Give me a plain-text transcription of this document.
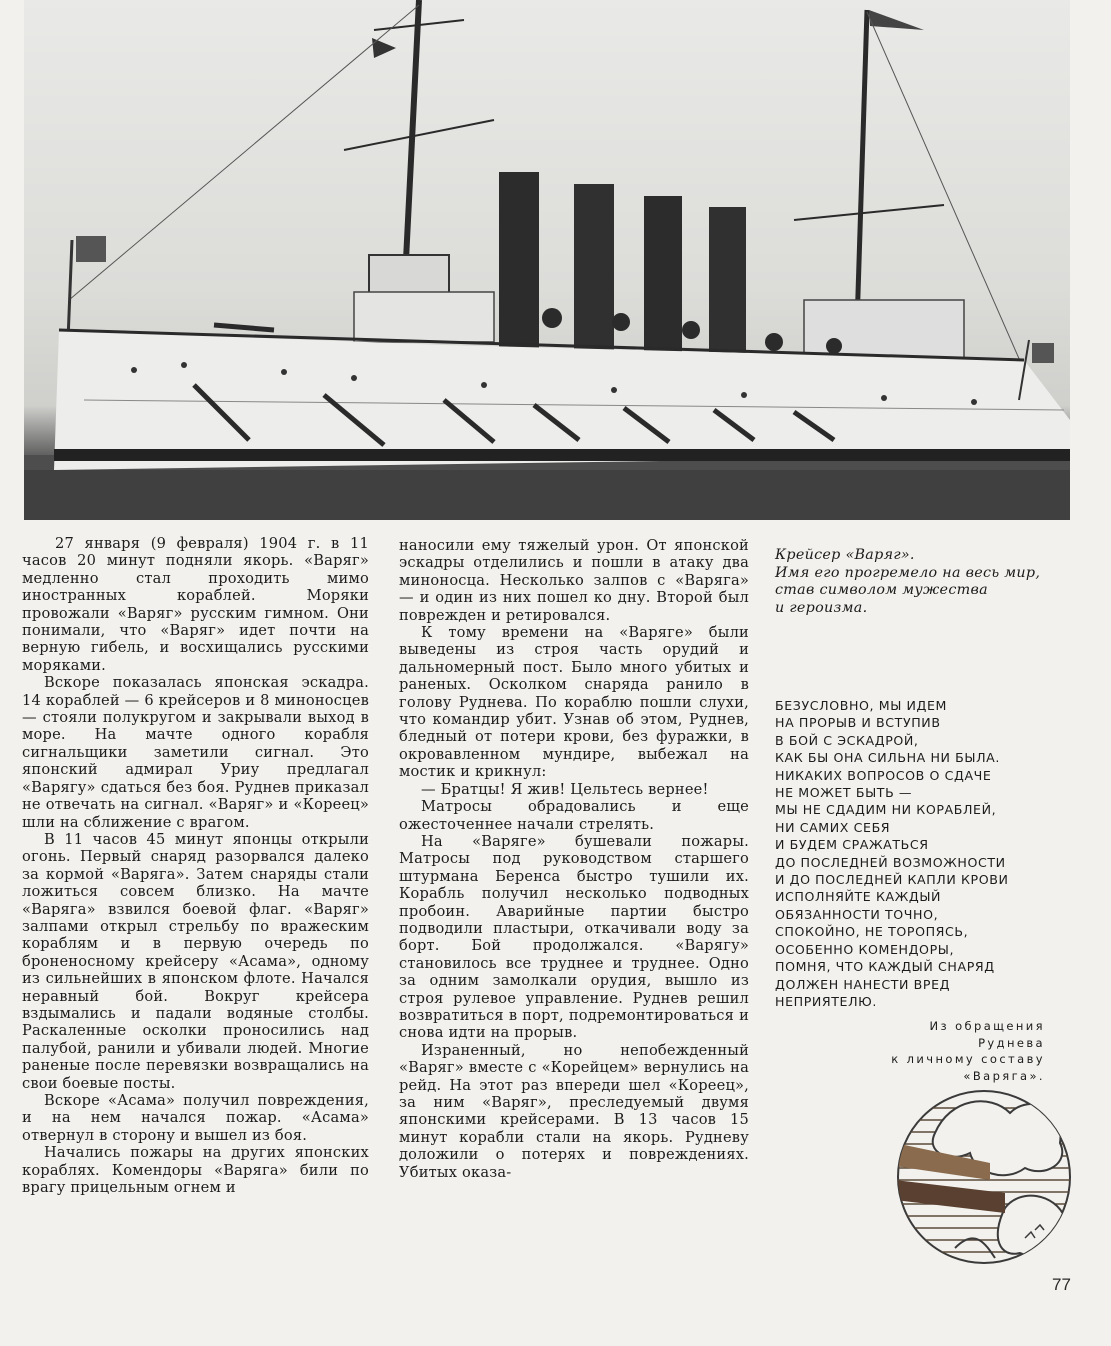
27 января (9 февраля) 1904 г. в 11 часов 20 минут подняли якорь. «Варяг» медленно стал проходить мимо иностранных кораблей. Моряки провожали «Варяг» русским гимном. Они понимали, что «Варяг» идет почти на верную гибель, и восхищались русскими моряками.

Вскоре показалась японская эскадра. 14 кораблей — 6 крейсеров и 8 миноносцев — стояли полукругом и закрывали выход в море. На мачте одного корабля сигнальщики заметили сигнал. Это японский адмирал Уриу предлагал «Варягу» сдаться без боя. Руднев приказал не отвечать на сигнал. «Варяг» и «Кореец» шли на сближение с врагом.

В 11 часов 45 минут японцы открыли огонь. Первый снаряд разорвался далеко за кормой «Варяга». Затем снаряды стали ложиться совсем близко. На мачте «Варяга» взвился боевой флаг. «Варяг» залпами открыл стрельбу по вражеским кораблям и в первую очередь по броненосному крейсеру «Асама», одному из сильнейших в японском флоте. Начался неравный бой. Вокруг крейсера вздымались и падали водяные столбы. Раскаленные осколки проносились над палубой, ранили и убивали людей. Многие раненые после перевязки возвращались на свои боевые посты.

Вскоре «Асама» получил повреждения, и на нем начался пожар. «Асама» отвернул в сторону и вышел из боя.

Начались пожары на других японских кораблях. Комендоры «Варяга» били по врагу прицельным огнем и

наносили ему тяжелый урон. От японской эскадры отделились и пошли в атаку два миноносца. Несколько залпов с «Варяга» — и один из них пошел ко дну. Второй был поврежден и ретировался.

К тому времени на «Варяге» были выведены из строя часть орудий и дальномерный пост. Было много убитых и раненых. Осколком снаряда ранило в голову Руднева. По кораблю пошли слухи, что командир убит. Узнав об этом, Руднев, бледный от потери крови, без фуражки, в окровавленном мундире, выбежал на мостик и крикнул:

— Братцы! Я жив! Цельтесь вернее!

Матросы обрадовались и еще ожесточеннее начали стрелять.

На «Варяге» бушевали пожары. Матросы под руководством старшего штурмана Беренса быстро тушили их. Корабль получил несколько подводных пробоин. Аварийные партии быстро подводили пластыри, откачивали воду за борт. Бой продолжался. «Варягу» становилось все труднее и труднее. Одно за одним замолкали орудия, вышло из строя рулевое управление. Руднев решил возвратиться в порт, подремонтироваться и снова идти на прорыв.

Израненный, но непобежденный «Варяг» вместе с «Корейцем» вернулись на рейд. На этот раз впереди шел «Кореец», за ним «Варяг», преследуемый двумя японскими крейсерами. В 13 часов 15 минут корабли стали на якорь. Рудневу доложили о потерях и повреждениях. Убитых оказа-

Крейсер «Варяг».
Имя его прогремело на весь мир,
став символом мужества
и героизма.
БЕЗУСЛОВНО, МЫ ИДЕМ
НА ПРОРЫВ И ВСТУПИВ
В БОЙ С ЭСКАДРОЙ,
КАК БЫ ОНА СИЛЬНА НИ БЫЛА.
НИКАКИХ ВОПРОСОВ О СДАЧЕ
НЕ МОЖЕТ БЫТЬ —
МЫ НЕ СДАДИМ НИ КОРАБЛЕЙ,
НИ САМИХ СЕБЯ
И БУДЕМ СРАЖАТЬСЯ
ДО ПОСЛЕДНЕЙ ВОЗМОЖНОСТИ
И ДО ПОСЛЕДНЕЙ КАПЛИ КРОВИ
ИСПОЛНЯЙТЕ КАЖДЫЙ
ОБЯЗАННОСТИ ТОЧНО,
СПОКОЙНО, НЕ ТОРОПЯСЬ,
ОСОБЕННО КОМЕНДОРЫ,
ПОМНЯ, ЧТО КАЖДЫЙ СНАРЯД
ДОЛЖЕН НАНЕСТИ ВРЕД
НЕПРИЯТЕЛЮ.
Из обращения
Руднева
к личному составу
«Варяга».
77
